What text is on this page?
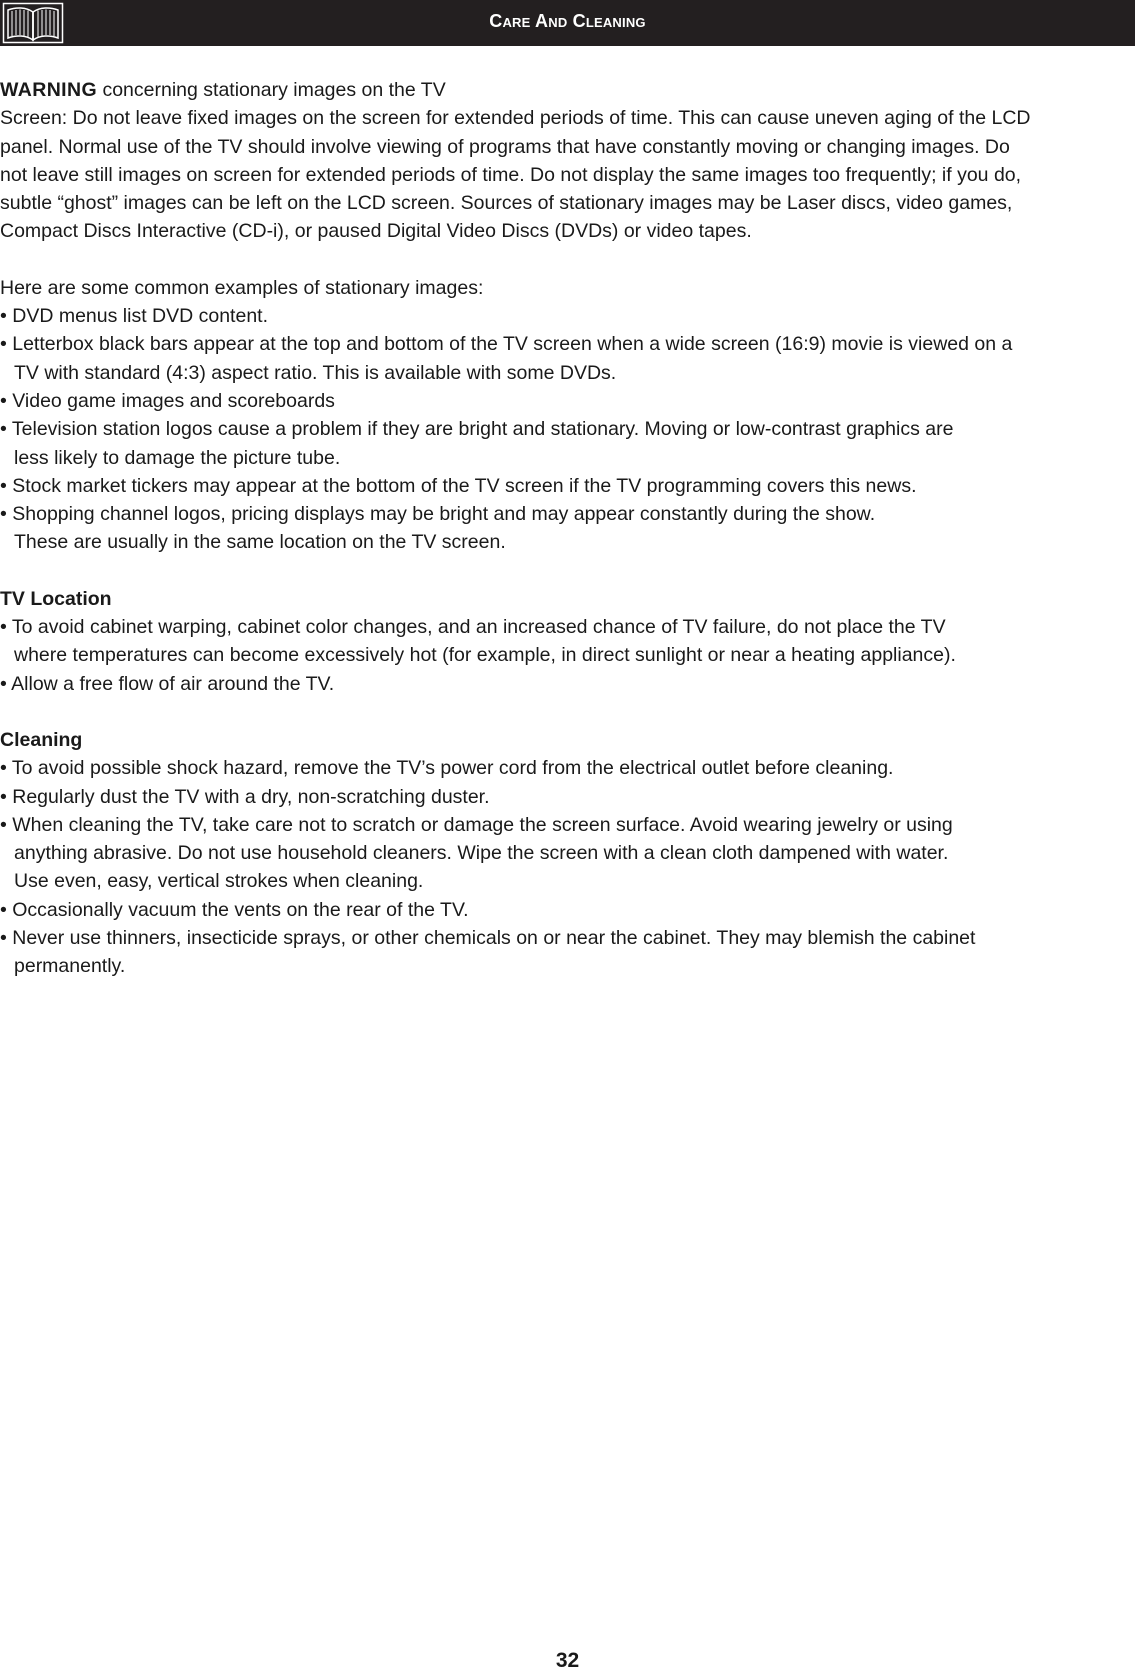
Care And Cleaning

WARNING concerning stationary images on the TV

Screen: Do not leave fixed images on the screen for extended periods of time. This can cause uneven aging of the LCD

panel. Normal use of the TV should involve viewing of programs that have constantly moving or changing images. Do

not leave still images on screen for extended periods of time. Do not display the same images too frequently; if you do,

subtle “ghost” images can be left on the LCD screen. Sources of stationary images may be Laser discs, video games,

Compact Discs Interactive (CD-i), or paused Digital Video Discs (DVDs) or video tapes.

Here are some common examples of stationary images:

• DVD menus list DVD content.

• Letterbox black bars appear at the top and bottom of the TV screen when a wide screen (16:9) movie is viewed on a

TV with standard (4:3) aspect ratio. This is available with some DVDs.

• Video game images and scoreboards

• Television station logos cause a problem if they are bright and stationary. Moving or low-contrast graphics are

less likely to damage the picture tube.

• Stock market tickers may appear at the bottom of the TV screen if the TV programming covers this news.

• Shopping channel logos, pricing displays may be bright and may appear constantly during the show.

These are usually in the same location on the TV screen.

TV Location

• To avoid cabinet warping, cabinet color changes, and an increased chance of TV failure, do not place the TV

where temperatures can become excessively hot (for example, in direct sunlight or near a heating appliance).

• Allow a free flow of air around the TV.

Cleaning

• To avoid possible shock hazard, remove the TV’s power cord from the electrical outlet before cleaning.

• Regularly dust the TV with a dry, non-scratching duster.

• When cleaning the TV, take care not to scratch or damage the screen surface. Avoid wearing jewelry or using

anything abrasive. Do not use household cleaners. Wipe the screen with a clean cloth dampened with water.

Use even, easy, vertical strokes when cleaning.

• Occasionally vacuum the vents on the rear of the TV.

• Never use thinners, insecticide sprays, or other chemicals on or near the cabinet. They may blemish the cabinet

permanently.

32
